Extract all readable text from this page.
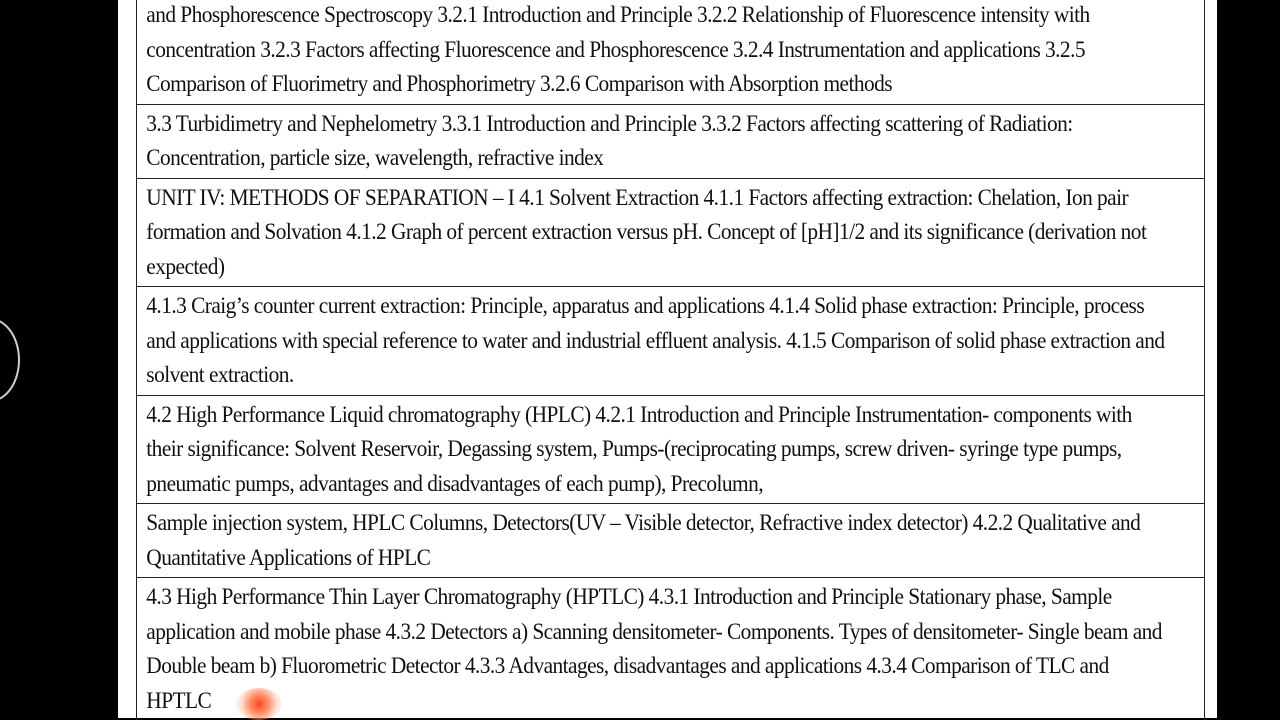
and Phosphorescence Spectroscopy 3.2.1 Introduction and Principle 3.2.2 Relationship of Fluorescence intensity with concentration 3.2.3 Factors affecting Fluorescence and Phosphorescence 3.2.4 Instrumentation and applications 3.2.5 Comparison of Fluorimetry and Phosphorimetry 3.2.6 Comparison with Absorption methods
3.3 Turbidimetry and Nephelometry 3.3.1 Introduction and Principle 3.3.2 Factors affecting scattering of Radiation: Concentration, particle size, wavelength, refractive index
UNIT IV: METHODS OF SEPARATION – I 4.1 Solvent Extraction 4.1.1 Factors affecting extraction: Chelation, Ion pair formation and Solvation 4.1.2 Graph of percent extraction versus pH. Concept of [pH]1/2 and its significance (derivation not expected)
4.1.3 Craig’s counter current extraction: Principle, apparatus and applications 4.1.4 Solid phase extraction: Principle, process and applications with special reference to water and industrial effluent analysis. 4.1.5 Comparison of solid phase extraction and solvent extraction.
4.2 High Performance Liquid chromatography (HPLC) 4.2.1 Introduction and Principle Instrumentation- components with their significance: Solvent Reservoir, Degassing system, Pumps-(reciprocating pumps, screw driven- syringe type pumps, pneumatic pumps, advantages and disadvantages of each pump), Precolumn,
Sample injection system, HPLC Columns, Detectors(UV – Visible detector, Refractive index detector) 4.2.2 Qualitative and Quantitative Applications of HPLC
4.3 High Performance Thin Layer Chromatography (HPTLC) 4.3.1 Introduction and Principle Stationary phase, Sample application and mobile phase 4.3.2 Detectors a) Scanning densitometer- Components. Types of densitometer- Single beam and Double beam b) Fluorometric Detector 4.3.3 Advantages, disadvantages and applications 4.3.4 Comparison of TLC and HPTLC
